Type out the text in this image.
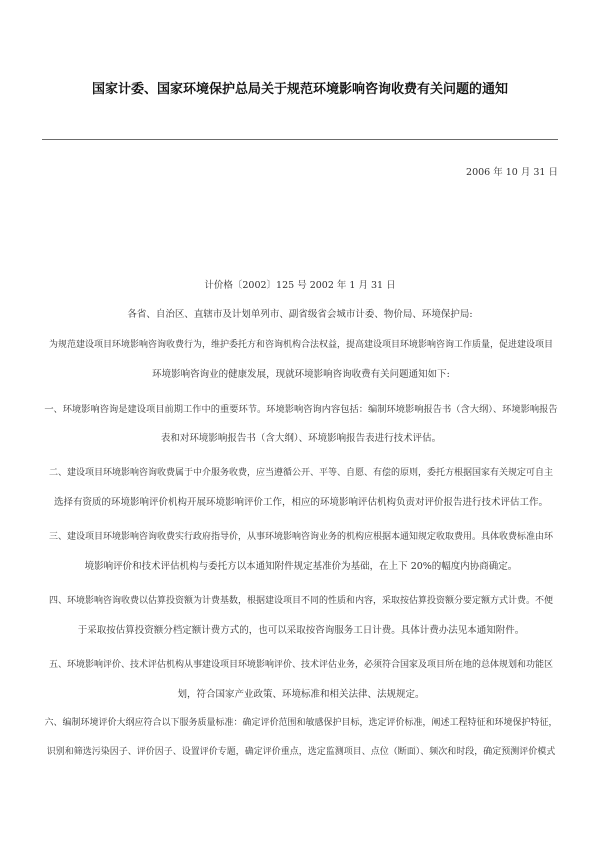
国家计委、国家环境保护总局关于规范环境影响咨询收费有关问题的通知
2006 年 10 月 31 日
计价格〔2002〕125 号 2002 年 1 月 31 日
各省、自治区、直辖市及计划单列市、副省级省会城市计委、物价局、环境保护局:
为规范建设项目环境影响咨询收费行为，维护委托方和咨询机构合法权益，提高建设项目环境影响咨询工作质量，促进建设项目
环境影响咨询业的健康发展，现就环境影响咨询收费有关问题通知如下:
一、环境影响咨询是建设项目前期工作中的重要环节。环境影响咨询内容包括：编制环境影响报告书（含大纲）、环境影响报告
表和对环境影响报告书（含大纲）、环境影响报告表进行技术评估。
二、建设项目环境影响咨询收费属于中介服务收费，应当遵循公开、平等、自愿、有偿的原则，委托方根据国家有关规定可自主
选择有资质的环境影响评价机构开展环境影响评价工作，相应的环境影响评估机构负责对评价报告进行技术评估工作。
三、建设项目环境影响咨询收费实行政府指导价，从事环境影响咨询业务的机构应根据本通知规定收取费用。具体收费标准由环
境影响评价和技术评估机构与委托方以本通知附件规定基准价为基础，在上下 20%的幅度内协商确定。
四、环境影响咨询收费以估算投资额为计费基数，根据建设项目不同的性质和内容，采取按估算投资额分要定额方式计费。不便
于采取按估算投资额分档定额计费方式的，也可以采取按咨询服务工日计费。具体计费办法见本通知附件。
五、环境影响评价、技术评估机构从事建设项目环境影响评价、技术评估业务，必须符合国家及项目所在地的总体规划和功能区
划，符合国家产业政策、环境标准和相关法律、法规规定。
六、编制环境评价大纲应符合以下服务质量标准：确定评价范围和敏感保护目标，选定评价标准，阐述工程特征和环境保护特征，
识别和筛选污染因子、评价因子、设置评价专题，确定评价重点，选定监测项目、点位（断面）、频次和时段，确定预测评价模式
